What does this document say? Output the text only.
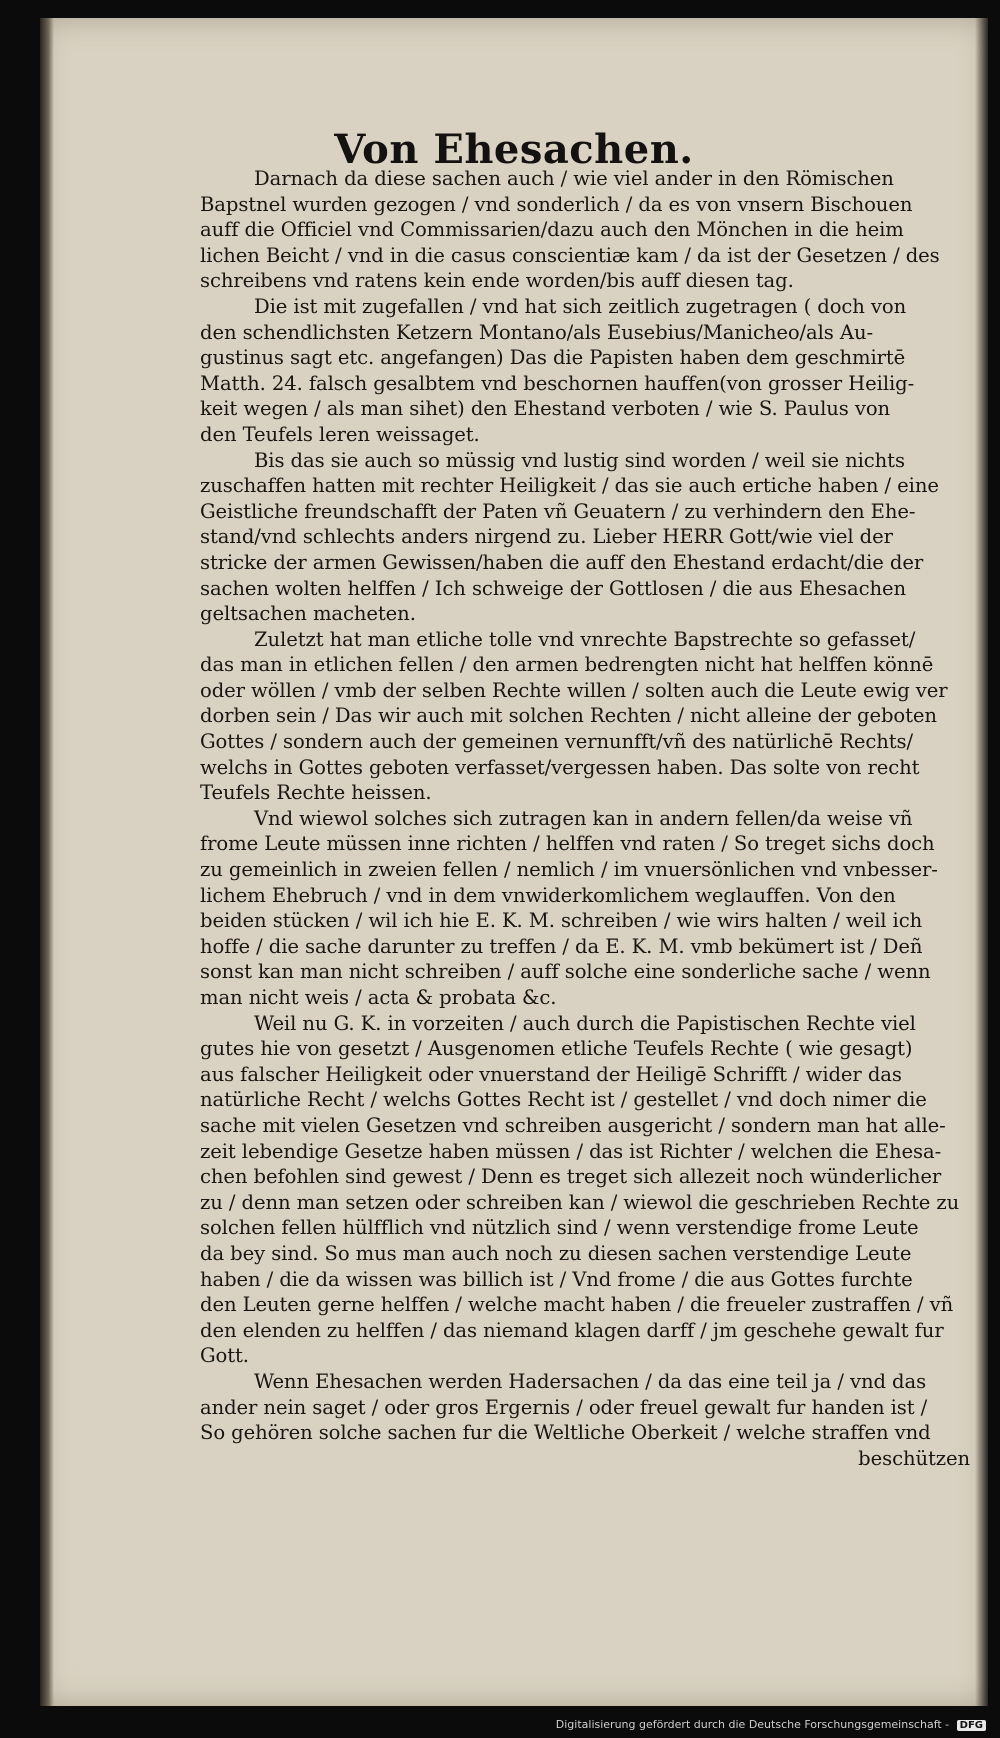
Von Ehesachen.
Darnach da diese sachen auch / wie viel ander in den Römischen
Bapstnel wurden gezogen / vnd sonderlich / da es von vnsern Bischouen
auff die Officiel vnd Commissarien/dazu auch den Mönchen in die heim
lichen Beicht / vnd in die casus conscientiæ kam / da ist der Gesetzen / des
schreibens vnd ratens kein ende worden/bis auff diesen tag.
Die ist mit zugefallen / vnd hat sich zeitlich zugetragen ( doch von
den schendlichsten Ketzern Montano/als Eusebius/Manicheo/als Au-
gustinus sagt etc. angefangen) Das die Papisten haben dem geschmirtē
Matth. 24. falsch gesalbtem vnd beschornen hauffen(von grosser Heilig-
keit wegen / als man sihet) den Ehestand verboten / wie S. Paulus von
den Teufels leren weissaget.
Bis das sie auch so müssig vnd lustig sind worden / weil sie nichts
zuschaffen hatten mit rechter Heiligkeit / das sie auch ertiche haben / eine
Geistliche freundschafft der Paten vñ Geuatern / zu verhindern den Ehe-
stand/vnd schlechts anders nirgend zu. Lieber HERR Gott/wie viel der
stricke der armen Gewissen/haben die auff den Ehestand erdacht/die der
sachen wolten helffen / Ich schweige der Gottlosen / die aus Ehesachen
geltsachen macheten.
Zuletzt hat man etliche tolle vnd vnrechte Bapstrechte so gefasset/
das man in etlichen fellen / den armen bedrengten nicht hat helffen könnē
oder wöllen / vmb der selben Rechte willen / solten auch die Leute ewig ver
dorben sein / Das wir auch mit solchen Rechten / nicht alleine der geboten
Gottes / sondern auch der gemeinen vernunfft/vñ des natürlichē Rechts/
welchs in Gottes geboten verfasset/vergessen haben. Das solte von recht
Teufels Rechte heissen.
Vnd wiewol solches sich zutragen kan in andern fellen/da weise vñ
frome Leute müssen inne richten / helffen vnd raten / So treget sichs doch
zu gemeinlich in zweien fellen / nemlich / im vnuersönlichen vnd vnbesser-
lichem Ehebruch / vnd in dem vnwiderkomlichem weglauffen. Von den
beiden stücken / wil ich hie E. K. M. schreiben / wie wirs halten / weil ich
hoffe / die sache darunter zu treffen / da E. K. M. vmb bekümert ist / Deñ
sonst kan man nicht schreiben / auff solche eine sonderliche sache / wenn
man nicht weis / acta & probata &c.
Weil nu G. K. in vorzeiten / auch durch die Papistischen Rechte viel
gutes hie von gesetzt / Ausgenomen etliche Teufels Rechte ( wie gesagt)
aus falscher Heiligkeit oder vnuerstand der Heiligē Schrifft / wider das
natürliche Recht / welchs Gottes Recht ist / gestellet / vnd doch nimer die
sache mit vielen Gesetzen vnd schreiben ausgericht / sondern man hat alle-
zeit lebendige Gesetze haben müssen / das ist Richter / welchen die Ehesa-
chen befohlen sind gewest / Denn es treget sich allezeit noch wünderlicher
zu / denn man setzen oder schreiben kan / wiewol die geschrieben Rechte zu
solchen fellen hülfflich vnd nützlich sind / wenn verstendige frome Leute
da bey sind. So mus man auch noch zu diesen sachen verstendige Leute
haben / die da wissen was billich ist / Vnd frome / die aus Gottes furchte
den Leuten gerne helffen / welche macht haben / die freueler zustraffen / vñ
den elenden zu helffen / das niemand klagen darff / jm geschehe gewalt fur
Gott.
Wenn Ehesachen werden Hadersachen / da das eine teil ja / vnd das
ander nein saget / oder gros Ergernis / oder freuel gewalt fur handen ist /
So gehören solche sachen fur die Weltliche Oberkeit / welche straffen vnd
beschützen
Digitalisierung gefördert durch die Deutsche Forschungsgemeinschaft - DFG
